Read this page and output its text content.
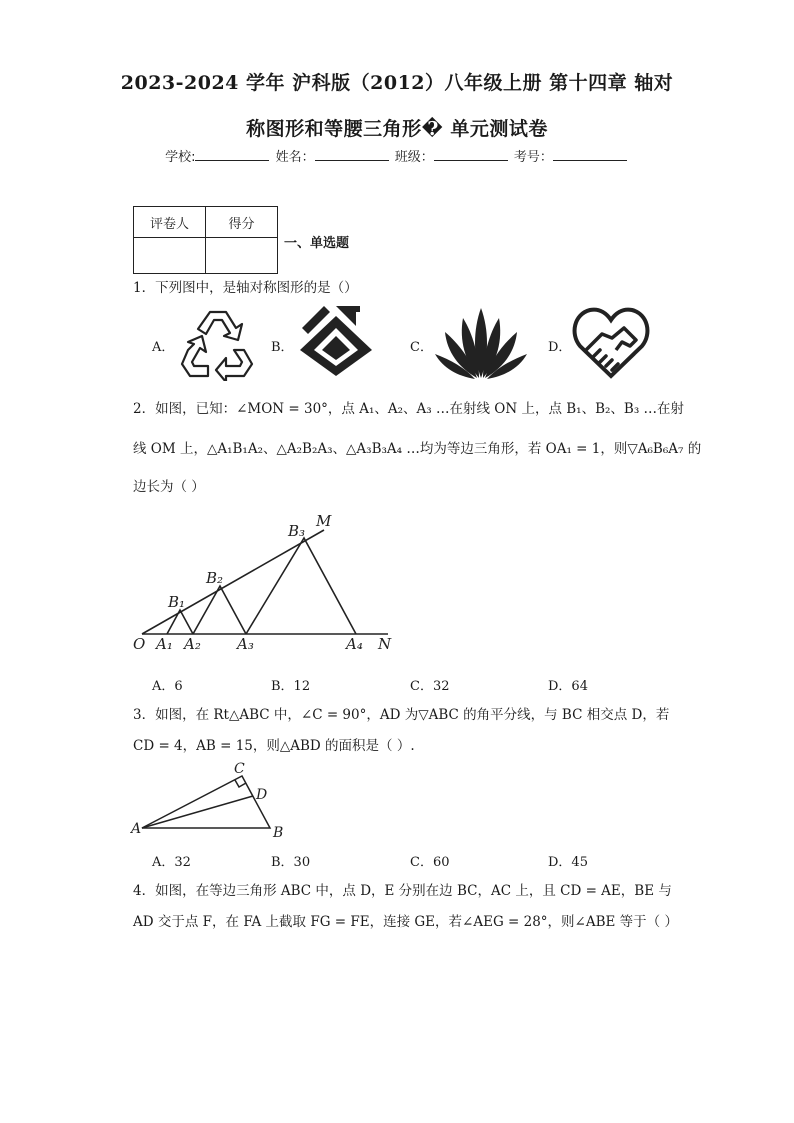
2023-2024 学年 沪科版（2012）八年级上册 第十四章 轴对
称图形和等腰三角形� 单元测试卷
学校:	姓名：	班级：	考号：
评卷人	得分

一、单选题
1．下列图中，是轴对称图形的是（）
A．	B．	C．	D．
2．如图，已知：∠MON = 30°，点 A₁、A₂、A₃ …在射线 ON 上，点 B₁、B₂、B₃ …在射
线 OM 上，△A₁B₁A₂、△A₂B₂A₃、△A₃B₃A₄ …均为等边三角形，若 OA₁ = 1，则▽A₆B₆A₇ 的
边长为（ ）
O A₁ A₂ A₃	A₄ N
B₁
B₂
B₃
M
A．6	B．12	C．32	D．64
3．如图，在 Rt△ABC 中，∠C = 90°，AD 为▽ABC 的角平分线，与 BC 相交点 D，若
CD = 4，AB = 15，则△ABD 的面积是（ ）.
A	B
C
D
A．32	B．30	C．60	D．45
4．如图，在等边三角形 ABC 中，点 D，E 分别在边 BC，AC 上，且 CD = AE，BE 与
AD 交于点 F，在 FA 上截取 FG = FE，连接 GE，若∠AEG = 28°，则∠ABE 等于（ ）
